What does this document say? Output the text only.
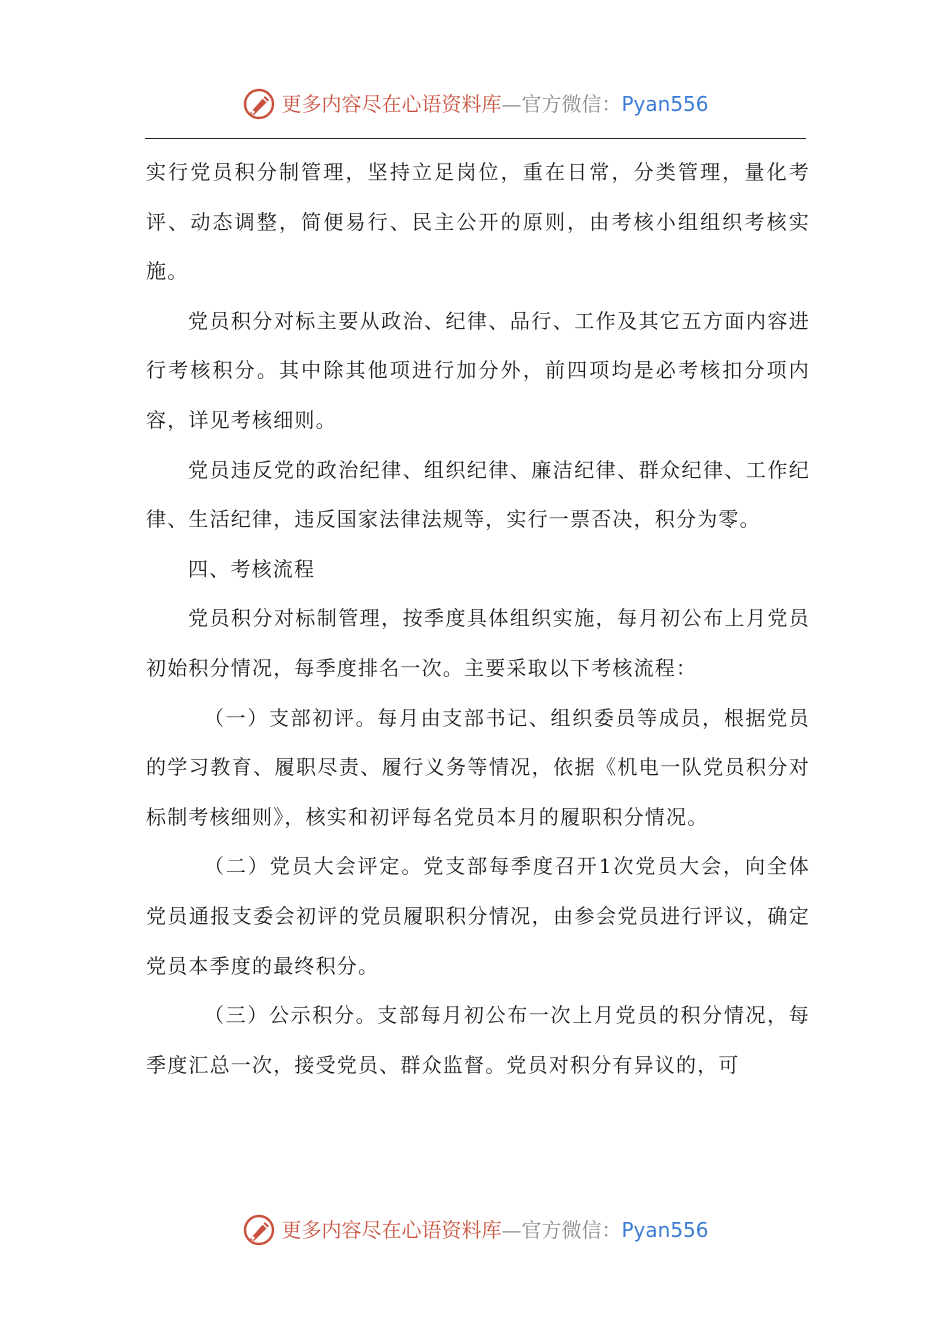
更多内容尽在心语资料库—官方微信：Pyan556

实行党员积分制管理，坚持立足岗位，重在日常，分类管理，量化考评、动态调整，简便易行、民主公开的原则，由考核小组组织考核实施。

党员积分对标主要从政治、纪律、品行、工作及其它五方面内容进行考核积分。其中除其他项进行加分外，前四项均是必考核扣分项内容，详见考核细则。

党员违反党的政治纪律、组织纪律、廉洁纪律、群众纪律、工作纪律、生活纪律，违反国家法律法规等，实行一票否决，积分为零。

四、考核流程

党员积分对标制管理，按季度具体组织实施，每月初公布上月党员初始积分情况，每季度排名一次。主要采取以下考核流程：

（一）支部初评。每月由支部书记、组织委员等成员，根据党员的学习教育、履职尽责、履行义务等情况，依据《机电一队党员积分对标制考核细则》，核实和初评每名党员本月的履职积分情况。

（二）党员大会评定。党支部每季度召开1次党员大会，向全体党员通报支委会初评的党员履职积分情况，由参会党员进行评议，确定党员本季度的最终积分。

（三）公示积分。支部每月初公布一次上月党员的积分情况，每季度汇总一次，接受党员、群众监督。党员对积分有异议的，可

更多内容尽在心语资料库—官方微信：Pyan556
